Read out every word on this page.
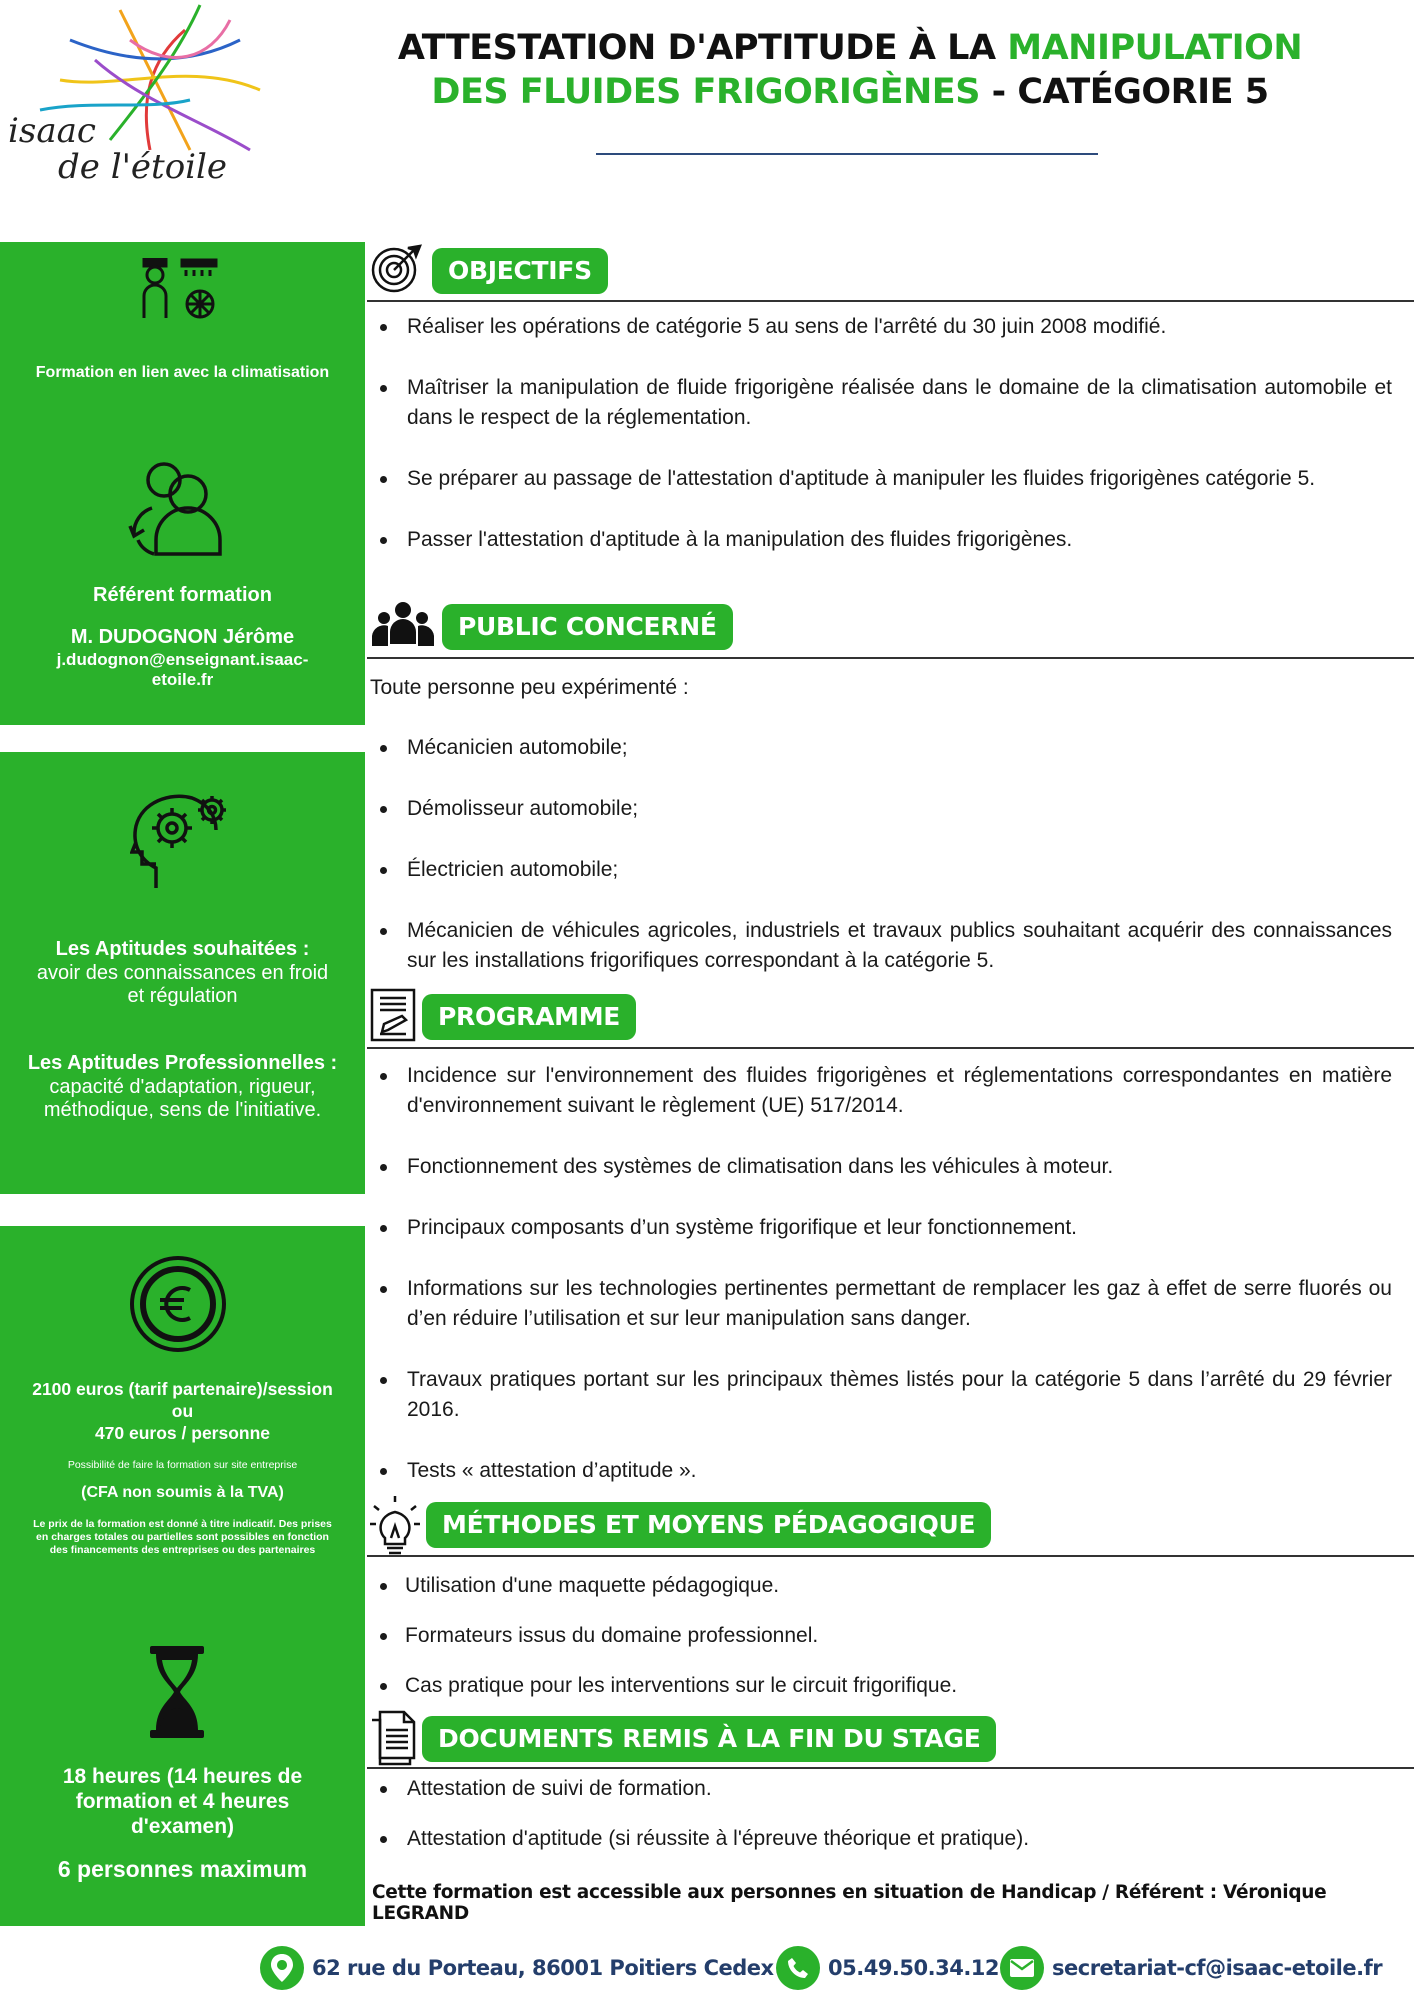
isaac
de l'étoile
ATTESTATION D'APTITUDE À LA MANIPULATION
DES FLUIDES FRIGORIGÈNES - CATÉGORIE 5
Formation en lien avec la climatisation
Référent formation
M. DUDOGNON Jérôme
j.dudognon@enseignant.isaac-
etoile.fr
Les Aptitudes souhaitées :
avoir des connaissances en froid
et régulation
Les Aptitudes Professionnelles :
capacité d'adaptation, rigueur,
méthodique, sens de l'initiative.
2100 euros (tarif partenaire)/session
ou
470 euros / personne
Possibilité de faire la formation sur site entreprise
(CFA non soumis à la TVA)
Le prix de la formation est donné à titre indicatif. Des prises
en charges totales ou partielles sont possibles en fonction
des financements des entreprises ou des partenaires
18 heures (14 heures de
formation et 4 heures
d'examen)
6 personnes maximum
OBJECTIFS
Réaliser les opérations de catégorie 5 au sens de l'arrêté du 30 juin 2008 modifié.
Maîtriser la manipulation de fluide frigorigène réalisée dans le domaine de la climatisation automobile et dans le respect de la réglementation.
Se préparer au passage de l'attestation d'aptitude à manipuler les fluides frigorigènes catégorie 5.
Passer l'attestation d'aptitude à la manipulation des fluides frigorigènes.
PUBLIC CONCERNÉ
Toute personne peu expérimenté :
Mécanicien automobile;
Démolisseur automobile;
Électricien automobile;
Mécanicien de véhicules agricoles, industriels et travaux publics souhaitant acquérir des connaissances sur les installations frigorifiques correspondant à la catégorie 5.
PROGRAMME
Incidence sur l'environnement des fluides frigorigènes et réglementations correspondantes en matière d'environnement suivant le règlement (UE) 517/2014.
Fonctionnement des systèmes de climatisation dans les véhicules à moteur.
Principaux composants d’un système frigorifique et leur fonctionnement.
Informations sur les technologies pertinentes permettant de remplacer les gaz à effet de serre fluorés ou d’en réduire l’utilisation et sur leur manipulation sans danger.
Travaux pratiques portant sur les principaux thèmes listés pour la catégorie 5 dans l’arrêté du 29 février 2016.
Tests « attestation d’aptitude ».
MÉTHODES ET MOYENS PÉDAGOGIQUE
Utilisation d'une maquette pédagogique.
Formateurs issus du domaine professionnel.
Cas pratique pour les interventions sur le circuit frigorifique.
DOCUMENTS REMIS À LA FIN DU STAGE
Attestation de suivi de formation.
Attestation d'aptitude (si réussite à l'épreuve théorique et pratique).
Cette formation est accessible aux personnes en situation de Handicap / Référent : Véronique LEGRAND
62 rue du Porteau, 86001 Poitiers Cedex	05.49.50.34.12	secretariat-cf@isaac-etoile.fr
